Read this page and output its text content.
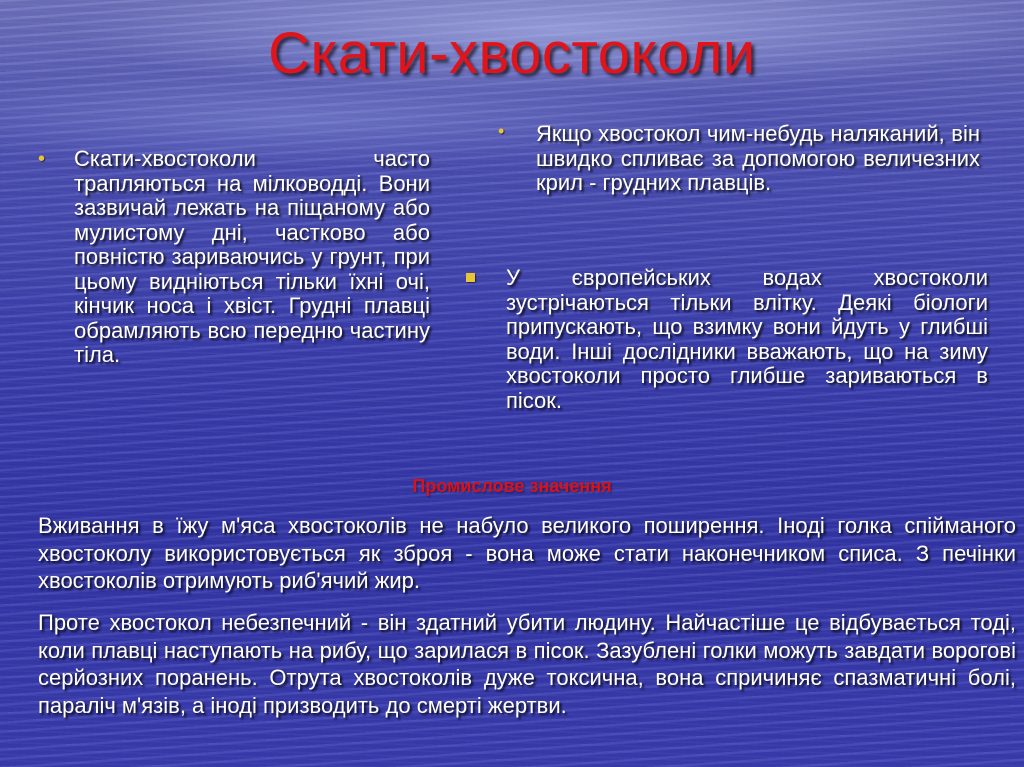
Скати-хвостоколи
•	Скати-хвостоколи часто трапляються на мілководді. Вони зазвичай лежать на піщаному або мулистому дні, частково або повністю зариваючись у грунт, при цьому видніються тільки їхні очі, кінчик носа і хвіст. Грудні плавці обрамляють всю передню частину тіла.
•	Якщо хвостокол чим-небудь наляканий, він швидко спливає за допомогою величезних крил - грудних плавців.
У європейських водах хвостоколи зустрічаються тільки влітку. Деякі біологи припускають, що взимку вони йдуть у глибші води. Інші дослідники вважають, що на зиму хвостоколи просто глибше зариваються в пісок.
Промислове значення

Вживання в їжу м'яса хвостоколів не набуло великого поширення. Іноді голка спійманого хвостоколу використовується як зброя - вона може стати наконечником списа. З печінки хвостоколів отримують риб'ячий жир.

Проте хвостокол небезпечний - він здатний убити людину. Найчастіше це відбувається тоді, коли плавці наступають на рибу, що зарилася в пісок. Зазублені голки можуть завдати ворогові серйозних поранень. Отрута хвостоколів дуже токсична, вона спричиняє спазматичні болі, параліч м'язів, а іноді призводить до смерті жертви.
